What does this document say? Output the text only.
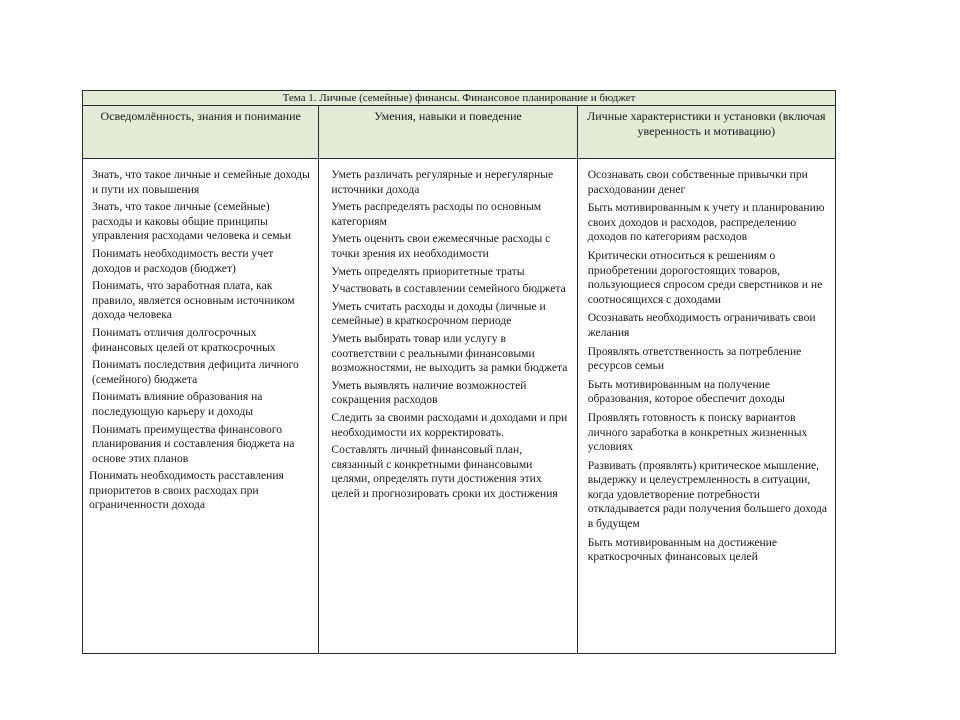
Тема 1. Личные (семейные) финансы. Финансовое планирование и бюджет
Осведомлённость, знания и понимание	Умения, навыки и поведение	Личные характеристики и установки (включая уверенность и мотивацию)
Знать, что такое личные и семейные доходы и пути их повышения
Знать, что такое личные (семейные) расходы и каковы общие принципы управления расходами человека и семьи
Понимать необходимость вести учет доходов и расходов (бюджет)
Понимать, что заработная плата, как правило, является основным источником дохода человека
Понимать отличия долгосрочных финансовых целей от краткосрочных
Понимать последствия дефицита личного (семейного) бюджета
Понимать влияние образования на последующую карьеру и доходы
Понимать преимущества финансового планирования и составления бюджета на основе этих планов
Понимать необходимость расставления приоритетов в своих расходах при ограниченности дохода
Уметь различать регулярные и нерегулярные источники дохода
Уметь распределять расходы по основным категориям
Уметь оценить свои ежемесячные расходы с точки зрения их необходимости
Уметь определять приоритетные траты
Участвовать в составлении семейного бюджета
Уметь считать расходы и доходы (личные и семейные) в краткосрочном периоде
Уметь выбирать товар или услугу в соответствии с реальными финансовыми возможностями, не выходить за рамки бюджета
Уметь выявлять наличие возможностей сокращения расходов
Следить за своими расходами и доходами и при необходимости их корректировать.
Составлять личный финансовый план, связанный с конкретными финансовыми целями, определять пути достижения этих целей и прогнозировать сроки их достижения
Осознавать свои собственные привычки при расходовании денег
Быть мотивированным к учету и планированию своих доходов и расходов, распределению доходов по категориям расходов
Критически относиться к решениям о приобретении дорогостоящих товаров, пользующиеся спросом среди сверстников и не соотносящихся с доходами
Осознавать необходимость ограничивать свои желания
Проявлять ответственность за потребление ресурсов семьи
Быть мотивированным на получение образования, которое обеспечит доходы
Проявлять готовность к поиску вариантов личного заработка в конкретных жизненных условиях
Развивать (проявлять) критическое мышление, выдержку и целеустремленность в ситуации, когда удовлетворение потребности откладывается ради получения большего дохода в будущем
Быть мотивированным на достижение краткосрочных финансовых целей
